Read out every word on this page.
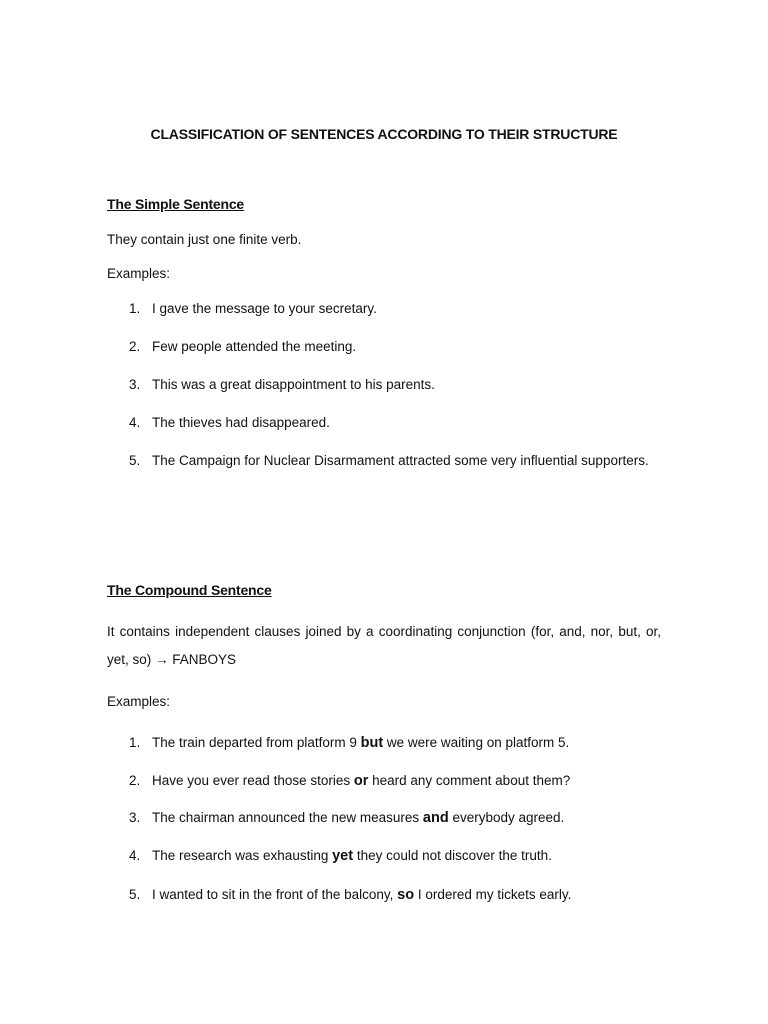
CLASSIFICATION OF SENTENCES ACCORDING TO THEIR STRUCTURE
The Simple Sentence
They contain just one finite verb.
Examples:
1. I gave the message to your secretary.
2. Few people attended the meeting.
3. This was a great disappointment to his parents.
4. The thieves had disappeared.
5. The Campaign for Nuclear Disarmament attracted some very influential supporters.
The Compound Sentence
It contains independent clauses joined by a coordinating conjunction (for, and, nor, but, or, yet, so) → FANBOYS
Examples:
1. The train departed from platform 9 but we were waiting on platform 5.
2. Have you ever read those stories or heard any comment about them?
3. The chairman announced the new measures and everybody agreed.
4. The research was exhausting yet they could not discover the truth.
5. I wanted to sit in the front of the balcony, so I ordered my tickets early.
